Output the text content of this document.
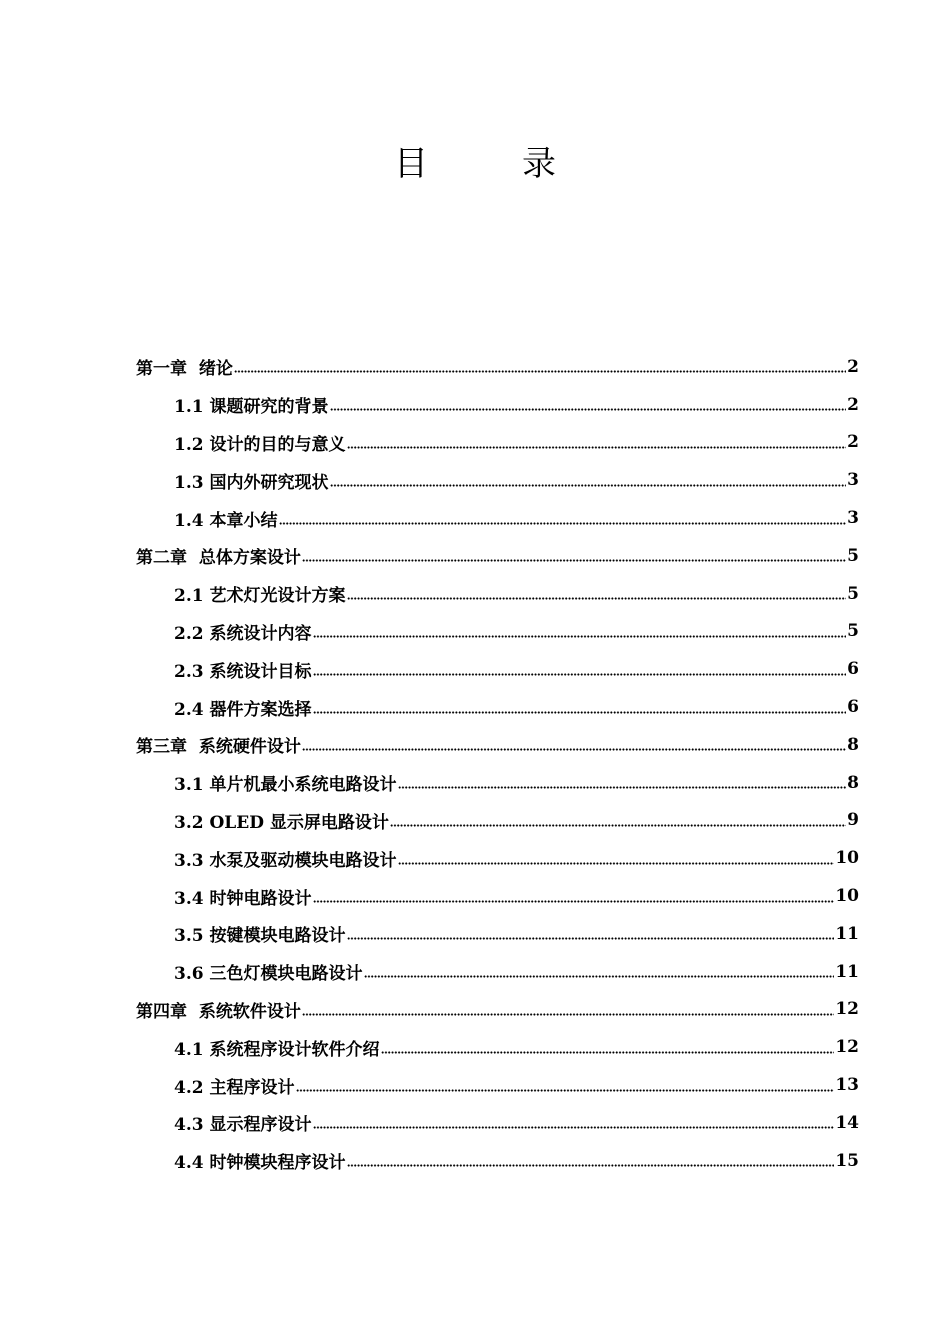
目　录
第一章  绪论	2
1.1 课题研究的背景	2
1.2 设计的目的与意义	2
1.3 国内外研究现状	3
1.4 本章小结	3
第二章  总体方案设计	5
2.1 艺术灯光设计方案	5
2.2 系统设计内容	5
2.3 系统设计目标	6
2.4 器件方案选择	6
第三章  系统硬件设计	8
3.1 单片机最小系统电路设计	8
3.2 OLED 显示屏电路设计	9
3.3 水泵及驱动模块电路设计	10
3.4 时钟电路设计	10
3.5 按键模块电路设计	11
3.6 三色灯模块电路设计	11
第四章  系统软件设计	12
4.1 系统程序设计软件介绍	12
4.2 主程序设计	13
4.3 显示程序设计	14
4.4 时钟模块程序设计	15
